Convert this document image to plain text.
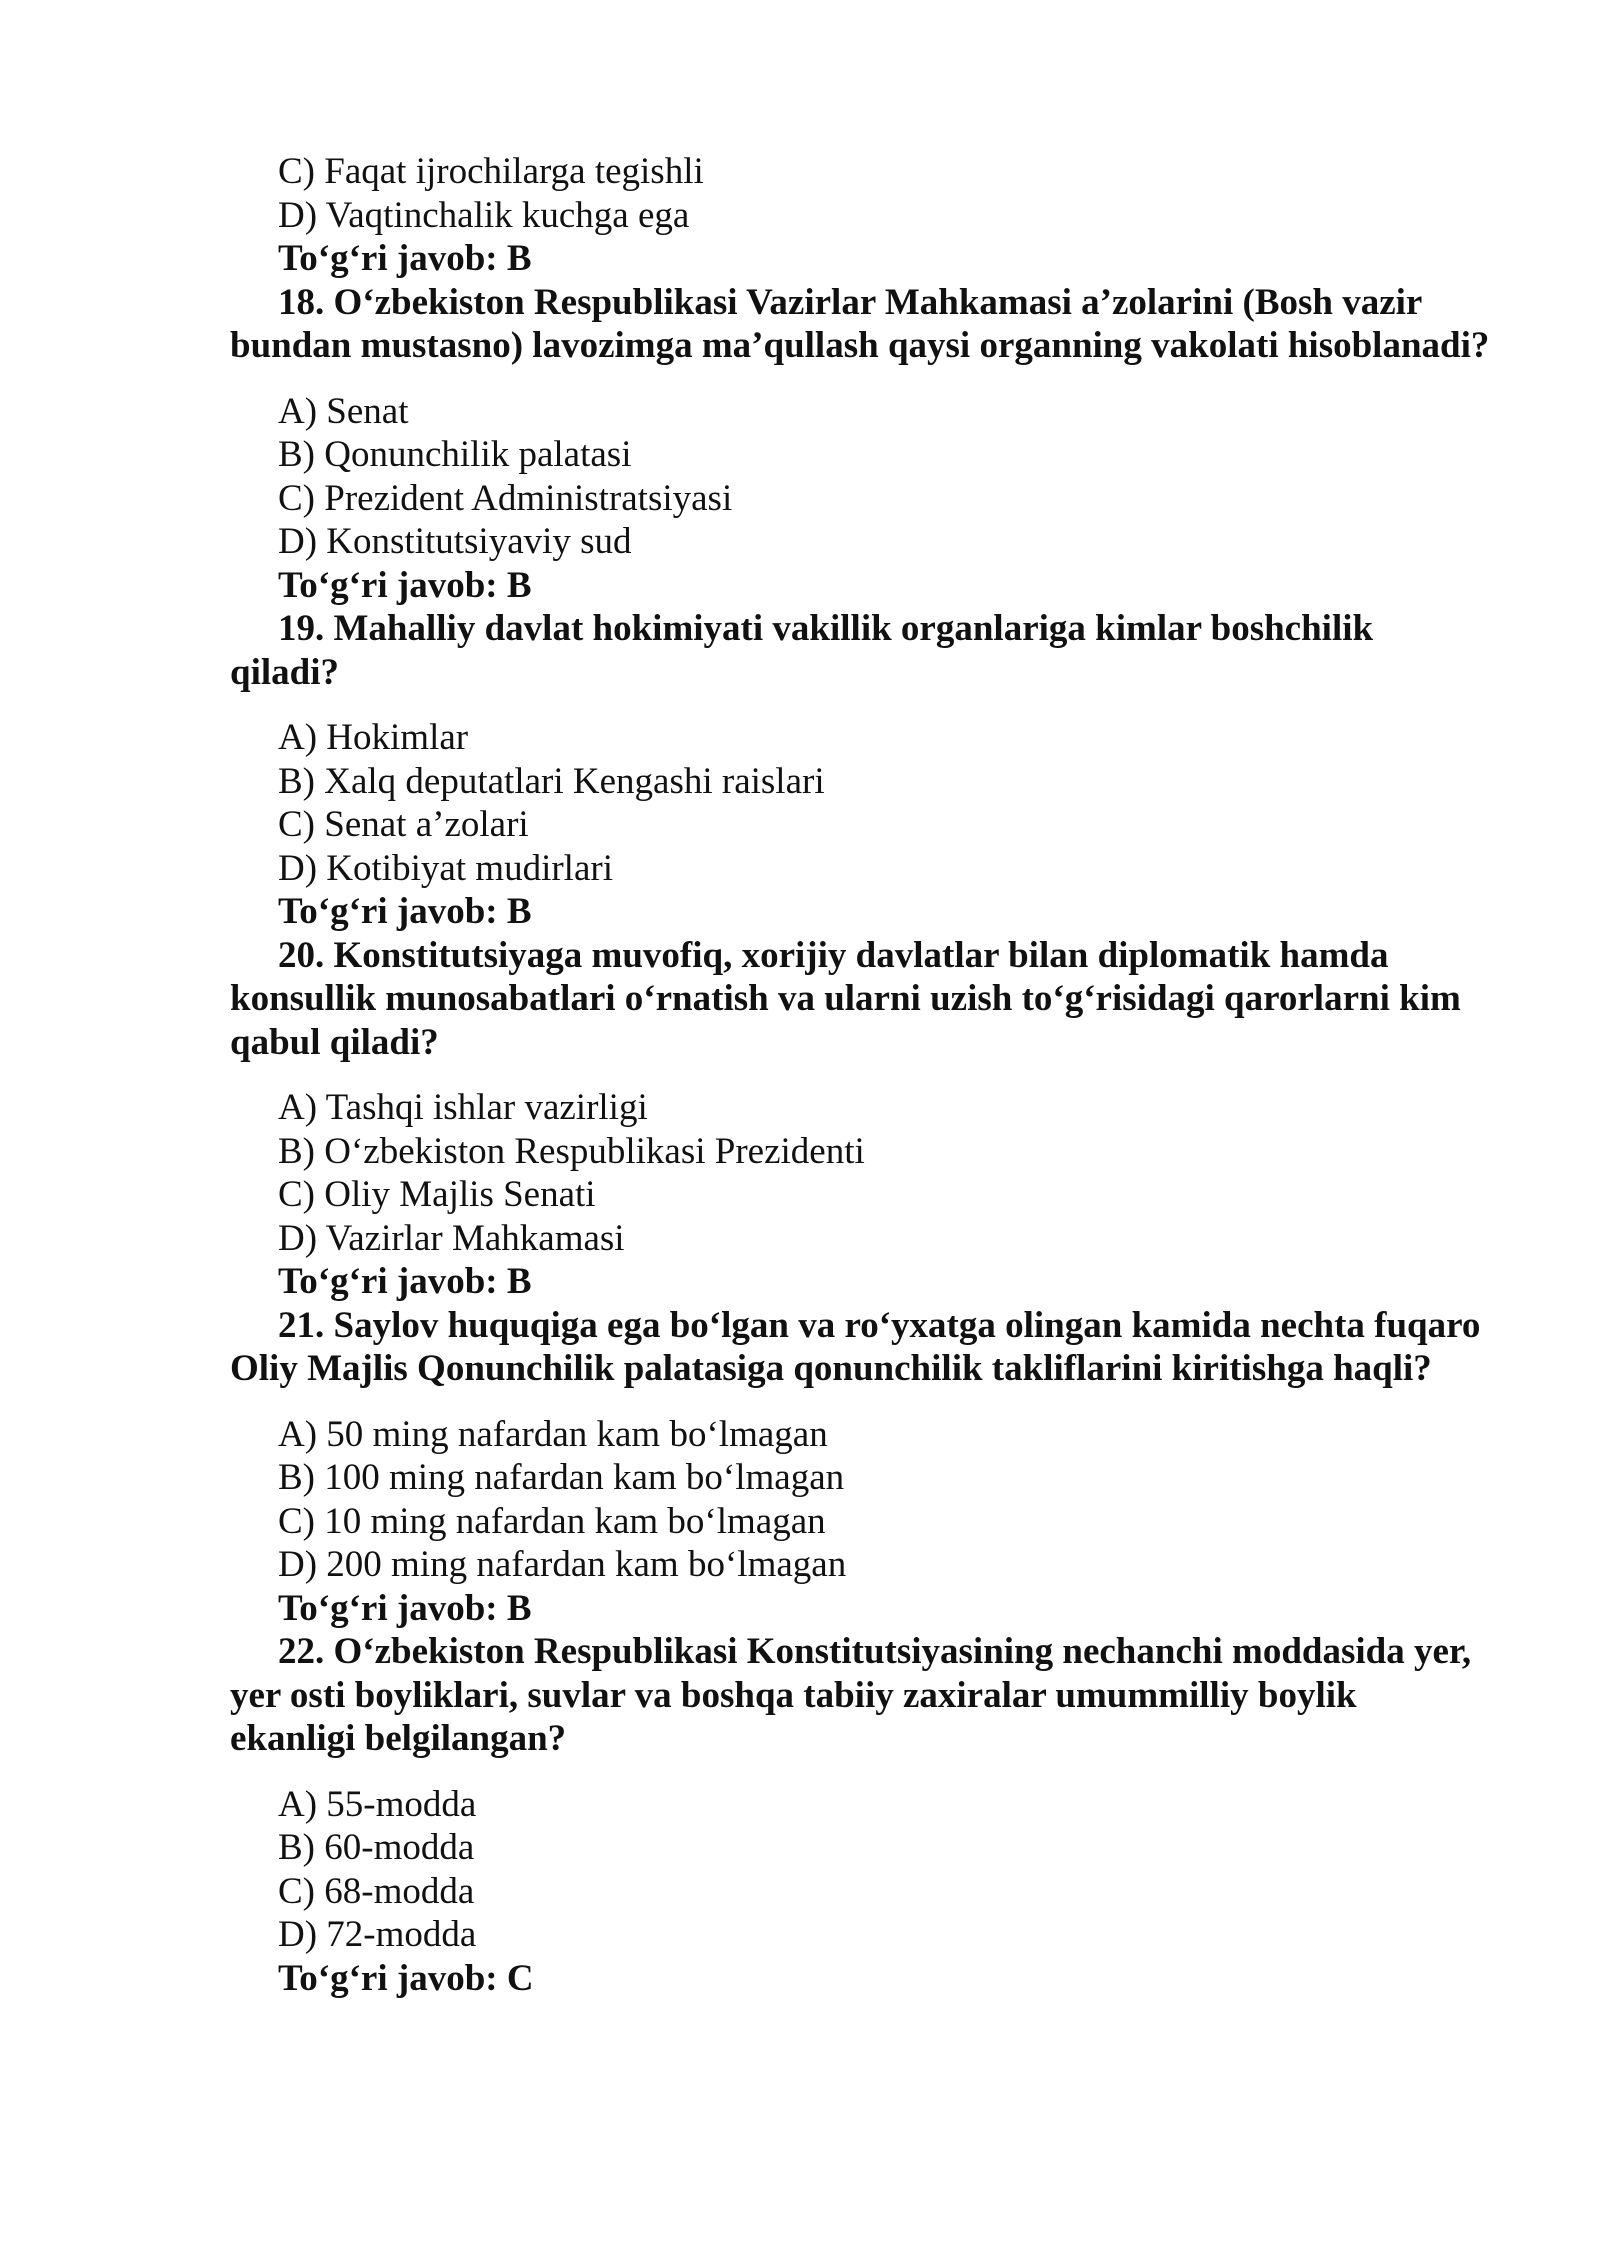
C) Faqat ijrochilarga tegishli

D) Vaqtinchalik kuchga ega

To‘g‘ri javob: B

18. O‘zbekiston Respublikasi Vazirlar Mahkamasi a’zolarini (Bosh vazir bundan mustasno) lavozimga ma’qullash qaysi organning vakolati hisoblanadi?

A) Senat

B) Qonunchilik palatasi

C) Prezident Administratsiyasi

D) Konstitutsiyaviy sud

To‘g‘ri javob: B

19. Mahalliy davlat hokimiyati vakillik organlariga kimlar boshchilik qiladi?

A) Hokimlar

B) Xalq deputatlari Kengashi raislari

C) Senat a’zolari

D) Kotibiyat mudirlari

To‘g‘ri javob: B

20. Konstitutsiyaga muvofiq, xorijiy davlatlar bilan diplomatik hamda konsullik munosabatlari o‘rnatish va ularni uzish to‘g‘risidagi qarorlarni kim qabul qiladi?

A) Tashqi ishlar vazirligi

B) O‘zbekiston Respublikasi Prezidenti

C) Oliy Majlis Senati

D) Vazirlar Mahkamasi

To‘g‘ri javob: B

21. Saylov huquqiga ega bo‘lgan va ro‘yxatga olingan kamida nechta fuqaro Oliy Majlis Qonunchilik palatasiga qonunchilik takliflarini kiritishga haqli?

A) 50 ming nafardan kam bo‘lmagan

B) 100 ming nafardan kam bo‘lmagan

C) 10 ming nafardan kam bo‘lmagan

D) 200 ming nafardan kam bo‘lmagan

To‘g‘ri javob: B

22. O‘zbekiston Respublikasi Konstitutsiyasining nechanchi moddasida yer, yer osti boyliklari, suvlar va boshqa tabiiy zaxiralar umummilliy boylik ekanligi belgilangan?

A) 55-modda

B) 60-modda

C) 68-modda

D) 72-modda

To‘g‘ri javob: C
